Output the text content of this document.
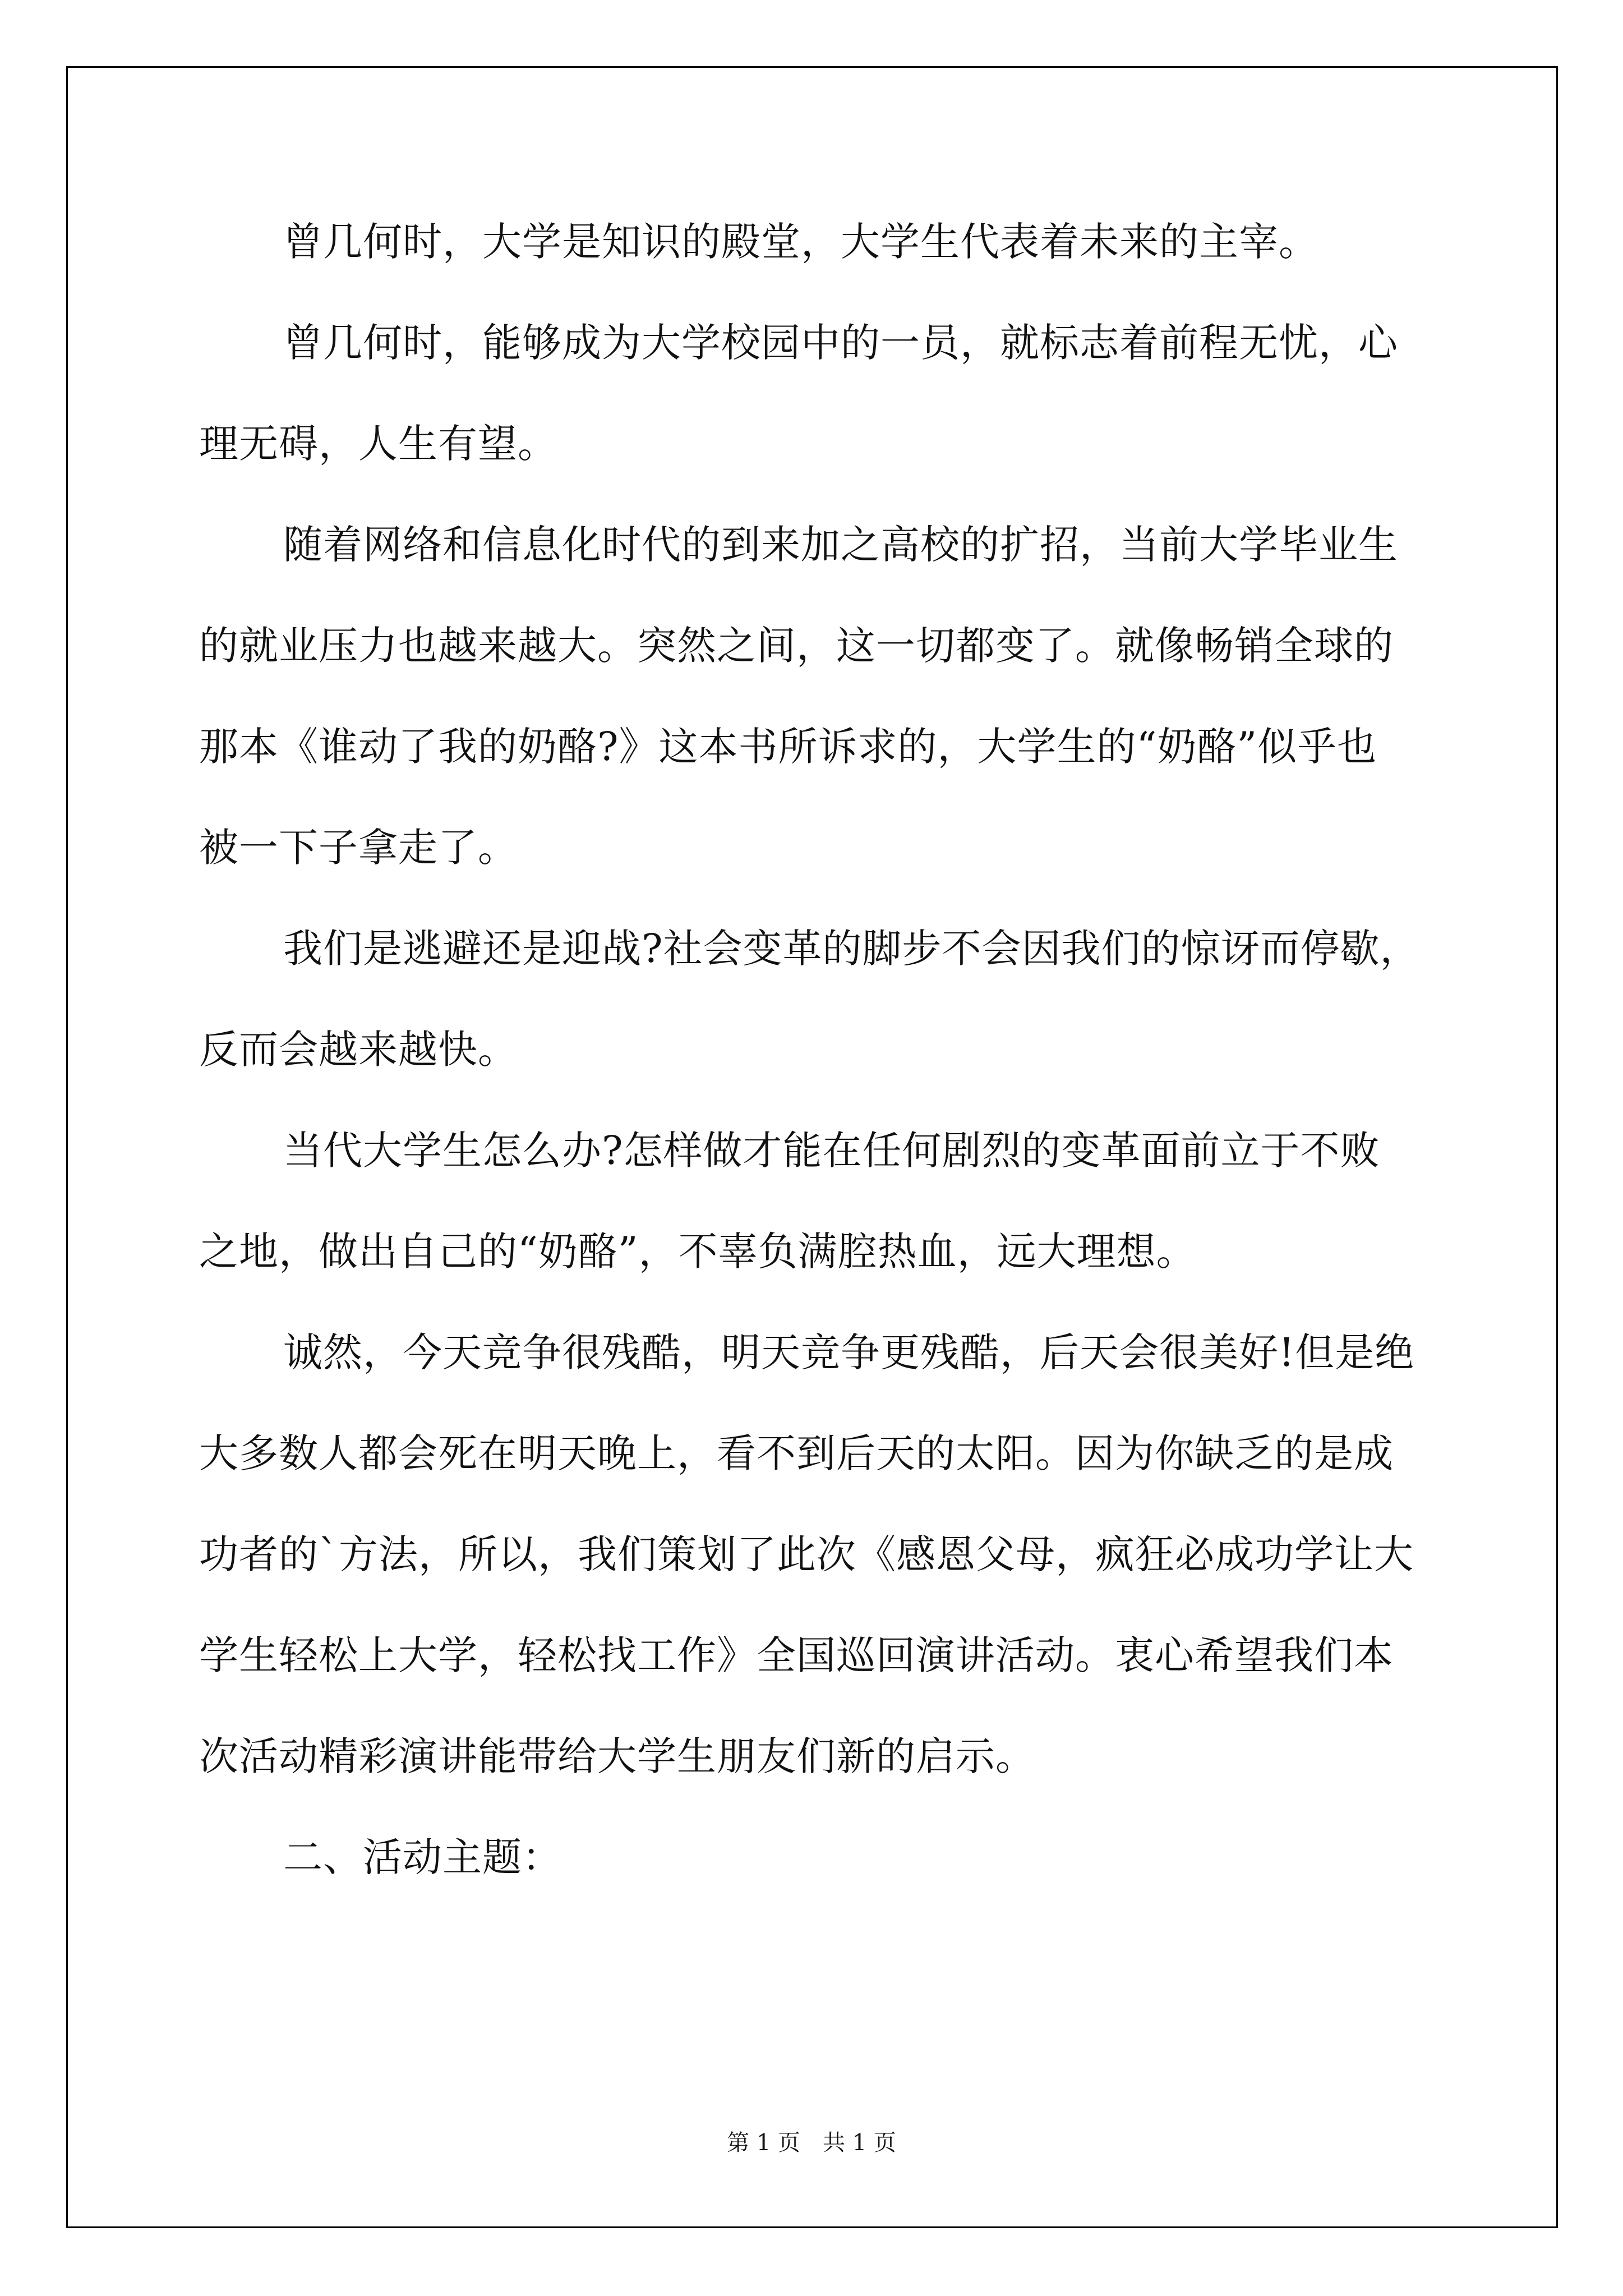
曾几何时，大学是知识的殿堂，大学生代表着未来的主宰。
曾几何时，能够成为大学校园中的一员，就标志着前程无忧，心
理无碍，人生有望。
随着网络和信息化时代的到来加之高校的扩招，当前大学毕业生
的就业压力也越来越大。突然之间，这一切都变了。就像畅销全球的
那本《谁动了我的奶酪?》这本书所诉求的，大学生的“奶酪”似乎也
被一下子拿走了。
我们是逃避还是迎战?社会变革的脚步不会因我们的惊讶而停歇，
反而会越来越快。
当代大学生怎么办?怎样做才能在任何剧烈的变革面前立于不败
之地，做出自己的“奶酪”，不辜负满腔热血，远大理想。
诚然，今天竞争很残酷，明天竞争更残酷，后天会很美好!但是绝
大多数人都会死在明天晚上，看不到后天的太阳。因为你缺乏的是成
功者的`方法，所以，我们策划了此次《感恩父母，疯狂必成功学让大
学生轻松上大学，轻松找工作》全国巡回演讲活动。衷心希望我们本
次活动精彩演讲能带给大学生朋友们新的启示。
二、活动主题：
第 1 页　共 1 页
